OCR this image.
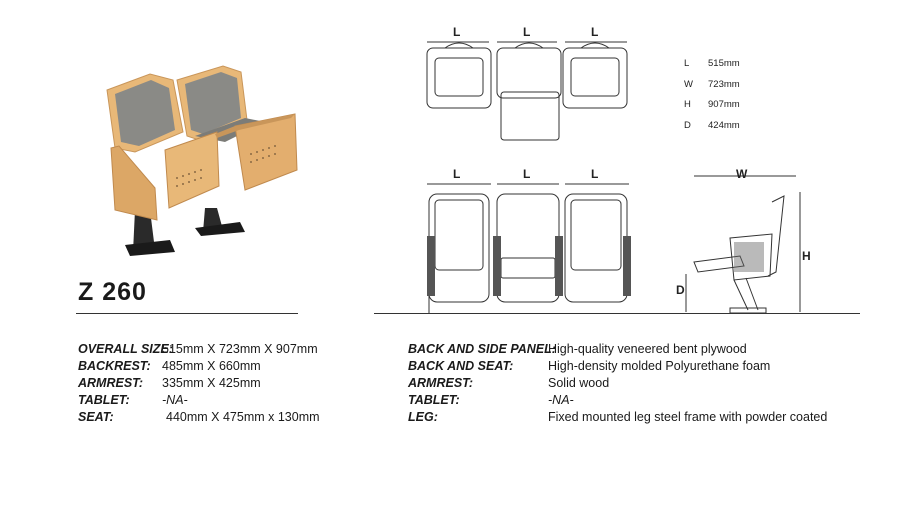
Z 260
L	L	L
L 515mm
W 723mm
H 907mm
D 424mm
L	L	L	W
H
D
OVERALL SIZE:
515mm X 723mm X 907mm
BACKREST: 485mm X 660mm
ARMREST: 335mm X 425mm
TABLET:	-NA-
SEAT:	440mm X 475mm x 130mm
BACK AND SIDE PANEL:
High-quality veneered bent plywood
BACK AND SEAT:	High-density molded Polyurethane foam
ARMREST:	Solid wood
TABLET:	-NA-
LEG:	Fixed mounted leg steel frame with powder coated
